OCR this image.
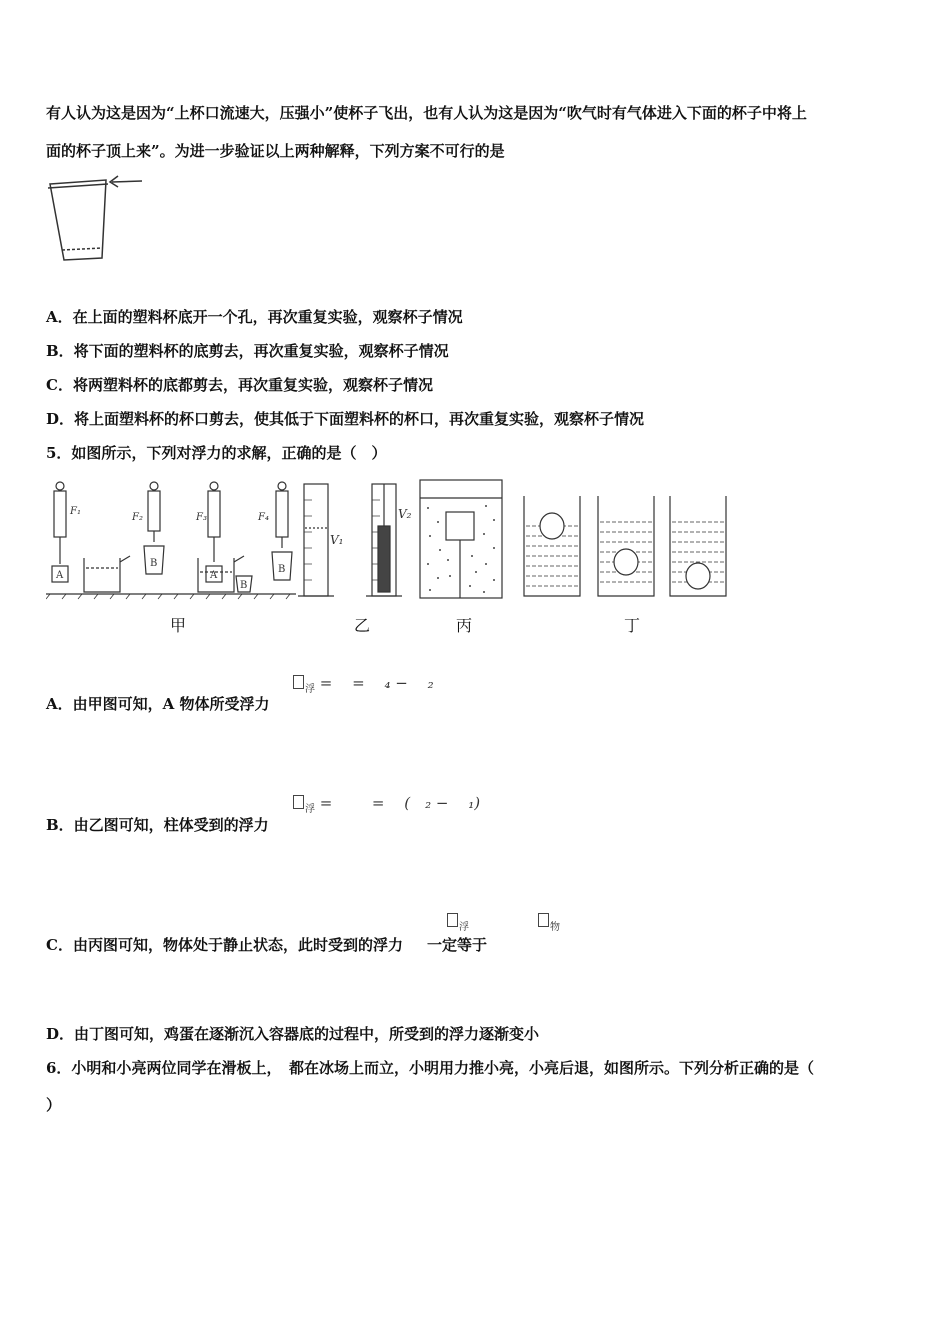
有人认为这是因为“上杯口流速大，压强小”使杯子飞出，也有人认为这是因为“吹气时有气体进入下面的杯子中将上
面的杯子顶上来”。为进一步验证以上两种解释，下列方案不可行的是
A．在上面的塑料杯底开一个孔，再次重复实验，观察杯子情况
B．将下面的塑料杯的底剪去，再次重复实验，观察杯子情况
C．将两塑料杯的底都剪去，再次重复实验，观察杯子情况
D．将上面塑料杯的杯口剪去，使其低于下面塑料杯的杯口，再次重复实验，观察杯子情况
5．如图所示，下列对浮力的求解，正确的是（　）
F₁
F₂	F₃	F₄
A
B
A
B
B
V₁
V₂
甲	乙	丙	丁
$_浮$ = 　= 　₄ − 　₂
A．由甲图可知，A 物体所受浮力
$_浮$ = 　　 = 　(　₂ − 　₁)
B．由乙图可知，柱体受到的浮力
$_浮$	$_物$
C．由丙图可知，物体处于静止状态，此时受到的浮力 一定等于
D．由丁图可知，鸡蛋在逐渐沉入容器底的过程中，所受到的浮力逐渐变小
6．小明和小亮两位同学在滑板上，　都在冰场上而立，小明用力推小亮，小亮后退，如图所示。下列分析正确的是（
）
